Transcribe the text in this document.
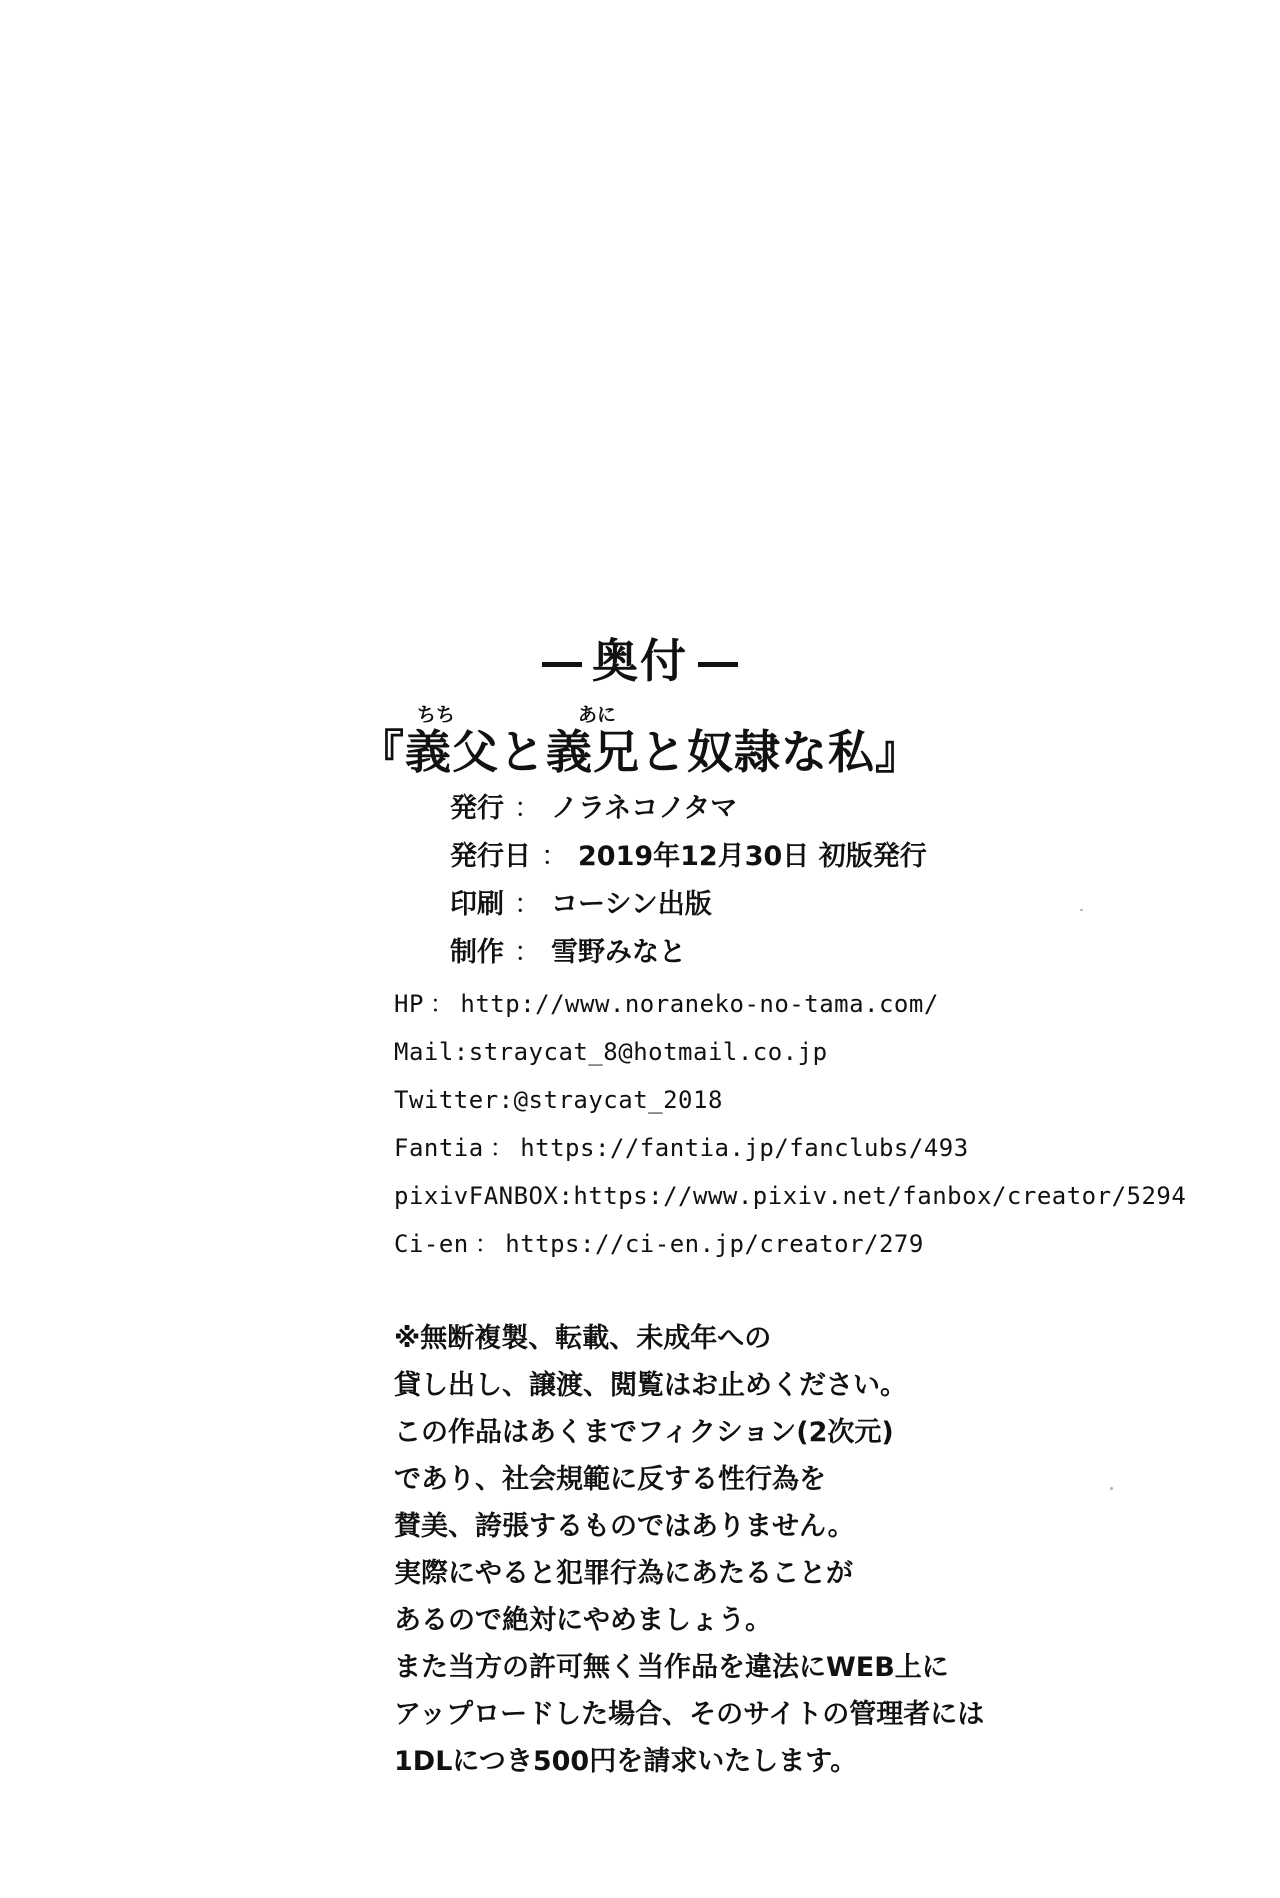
奥付
ちち	あに
『義父と義兄と奴隷な私』
発行 ： ノラネコノタマ
発行日 ： 2019年12月30日 初版発行
印刷 ： コーシン出版
制作 ： 雪野みなと
HP ： http://www.noraneko-no-tama.com/
Mail:straycat_8@hotmail.co.jp
Twitter:@straycat_2018
Fantia ： https://fantia.jp/fanclubs/493
pixivFANBOX:https://www.pixiv.net/fanbox/creator/5294
Ci-en ： https://ci-en.jp/creator/279
※無断複製、転載、未成年への
貸し出し、譲渡、閲覧はお止めください。
この作品はあくまでフィクション(2次元)
であり、社会規範に反する性行為を
賛美、誇張するものではありません。
実際にやると犯罪行為にあたることが
あるので絶対にやめましょう。
また当方の許可無く当作品を違法にWEB上に
アップロードした場合、そのサイトの管理者には
1DLにつき500円を請求いたします。
